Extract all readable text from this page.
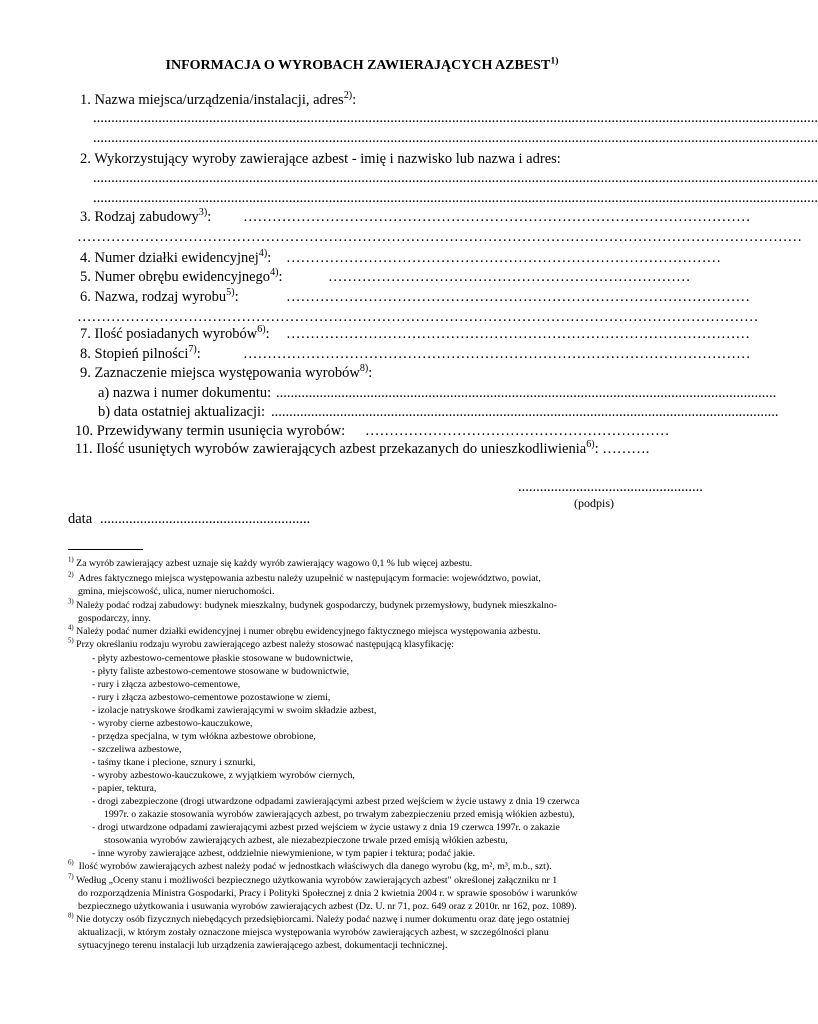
INFORMACJA O WYROBACH ZAWIERAJĄCYCH AZBEST$^{1)}$
1. Nazwa miejsca/urządzenia/instalacji, adres$^{2)}$:
........................................................................................................................................................................................................
........................................................................................................................................................................................................
2. Wykorzystujący wyroby zawierające azbest - imię i nazwisko lub nazwa i adres:
........................................................................................................................................................................................................
........................................................................................................................................................................................................
3. Rodzaj zabudowy$^{3)}$: ……………………………………………………………………………………………
……………………………………………………………………………………………………………………………………
4. Numer działki ewidencyjnej$^{4)}$: ………………………………………………………………………………
5. Numer obrębu ewidencyjnego$^{4)}$:	…………………………………………………………………
6. Nazwa, rodzaj wyrobu$^{5)}$:	……………………………………………………………………………………
……………………………………………………………………………………………………………………………
7. Ilość posiadanych wyrobów$^{6)}$: ……………………………………………………………………………………
8. Stopień pilności$^{7)}$:	……………………………………………………………………………………………
9. Zaznaczenie miejsca występowania wyrobów$^{8)}$:
a) nazwa i numer dokumentu: ..........................................................................................................................................
b) data ostatniej aktualizacji: ............................................................................................................................................
10. Przewidywany termin usunięcia wyrobów: ………………………………………………………
11. Ilość usuniętych wyrobów zawierających azbest przekazanych do unieszkodliwienia$^{6)}$: ……….
...................................................
(podpis)
data ..........................................................
$^{1)}$ Za wyrób zawierający azbest uznaje się każdy wyrób zawierający wagowo 0,1 % lub więcej azbestu.
$^{2)}$ Adres faktycznego miejsca występowania azbestu należy uzupełnić w następującym formacie: województwo, powiat,
gmina, miejscowość, ulica, numer nieruchomości.
$^{3)}$ Należy podać rodzaj zabudowy: budynek mieszkalny, budynek gospodarczy, budynek przemysłowy, budynek mieszkalno-
gospodarczy, inny.
$^{4)}$ Należy podać numer działki ewidencyjnej i numer obrębu ewidencyjnego faktycznego miejsca występowania azbestu.
$^{5)}$ Przy określaniu rodzaju wyrobu zawierającego azbest należy stosować następującą klasyfikację:
- płyty azbestowo-cementowe płaskie stosowane w budownictwie,
- płyty faliste azbestowo-cementowe stosowane w budownictwie,
- rury i złącza azbestowo-cementowe,
- rury i złącza azbestowo-cementowe pozostawione w ziemi,
- izolacje natryskowe środkami zawierającymi w swoim składzie azbest,
- wyroby cierne azbestowo-kauczukowe,
- przędza specjalna, w tym włókna azbestowe obrobione,
- szczeliwa azbestowe,
- taśmy tkane i plecione, sznury i sznurki,
- wyroby azbestowo-kauczukowe, z wyjątkiem wyrobów ciernych,
- papier, tektura,
- drogi zabezpieczone (drogi utwardzone odpadami zawierającymi azbest przed wejściem w życie ustawy z dnia 19 czerwca
1997r. o zakazie stosowania wyrobów zawierających azbest, po trwałym zabezpieczeniu przed emisją włókien azbestu),
- drogi utwardzone odpadami zawierającymi azbest przed wejściem w życie ustawy z dnia 19 czerwca 1997r. o zakazie
stosowania wyrobów zawierających azbest, ale niezabezpieczone trwale przed emisją włókien azbestu,
- inne wyroby zawierające azbest, oddzielnie niewymienione, w tym papier i tektura; podać jakie.
$^{6)}$ Ilość wyrobów zawierających azbest należy podać w jednostkach właściwych dla danego wyrobu (kg, m², m³, m.b., szt).
$^{7)}$ Według „Oceny stanu i możliwości bezpiecznego użytkowania wyrobów zawierających azbest" określonej załączniku nr 1
do rozporządzenia Ministra Gospodarki, Pracy i Polityki Społecznej z dnia 2 kwietnia 2004 r. w sprawie sposobów i warunków
bezpiecznego użytkowania i usuwania wyrobów zawierających azbest (Dz. U. nr 71, poz. 649 oraz z 2010r. nr 162, poz. 1089).
$^{8)}$ Nie dotyczy osób fizycznych niebędących przedsiębiorcami. Należy podać nazwę i numer dokumentu oraz datę jego ostatniej
aktualizacji, w którym zostały oznaczone miejsca występowania wyrobów zawierających azbest, w szczególności planu
sytuacyjnego terenu instalacji lub urządzenia zawierającego azbest, dokumentacji technicznej.
